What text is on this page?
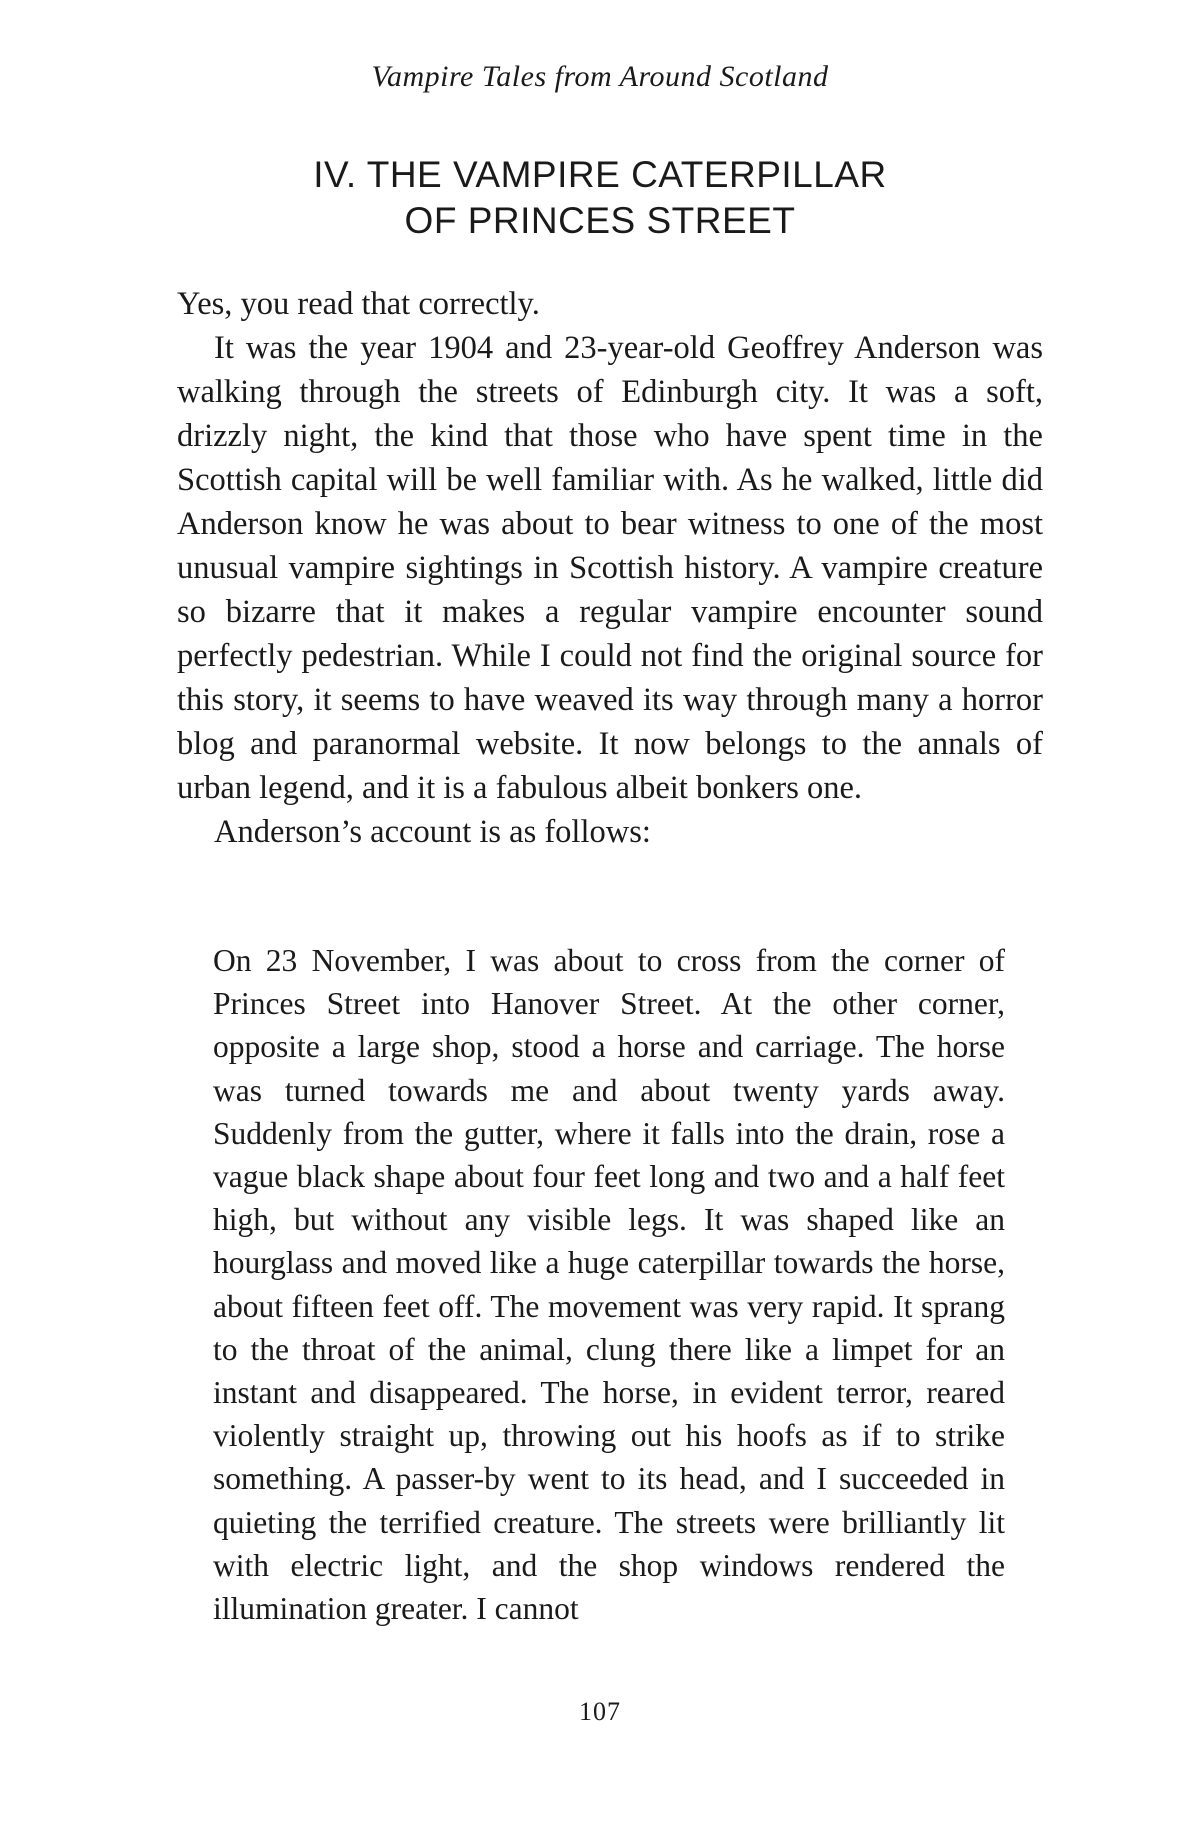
Vampire Tales from Around Scotland
IV. THE VAMPIRE CATERPILLAR
OF PRINCES STREET

Yes, you read that correctly.

It was the year 1904 and 23-year-old Geoffrey Anderson was walking through the streets of Edinburgh city. It was a soft, drizzly night, the kind that those who have spent time in the Scottish capital will be well familiar with. As he walked, little did Anderson know he was about to bear witness to one of the most unusual vampire sightings in Scottish history. A vampire creature so bizarre that it makes a regular vampire encounter sound perfectly pedestrian. While I could not find the original source for this story, it seems to have weaved its way through many a horror blog and paranormal website. It now belongs to the annals of urban legend, and it is a fabulous albeit bonkers one.

Anderson’s account is as follows:

On 23 November, I was about to cross from the corner of Princes Street into Hanover Street. At the other corner, opposite a large shop, stood a horse and carriage. The horse was turned towards me and about twenty yards away. Suddenly from the gutter, where it falls into the drain, rose a vague black shape about four feet long and two and a half feet high, but without any visible legs. It was shaped like an hourglass and moved like a huge caterpillar towards the horse, about fifteen feet off. The movement was very rapid. It sprang to the throat of the animal, clung there like a limpet for an instant and disappeared. The horse, in evident terror, reared violently straight up, throwing out his hoofs as if to strike something. A passer-by went to its head, and I succeeded in quieting the terrified creature. The streets were brilliantly lit with electric light, and the shop windows rendered the illumination greater. I cannot

107
